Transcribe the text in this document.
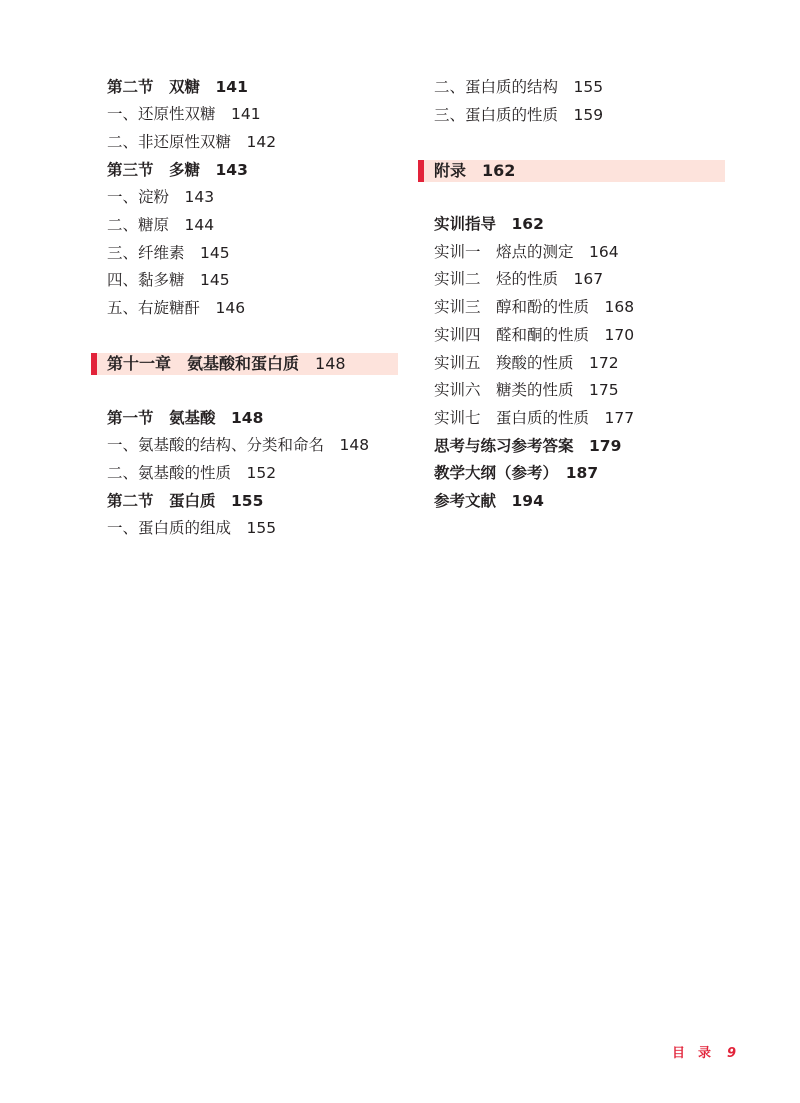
第二节　双糖　141
一、还原性双糖　141
二、非还原性双糖　142
第三节　多糖　143
一、淀粉　143
二、糖原　144
三、纤维素　145
四、黏多糖　145
五、右旋糖酐　146
第一节　氨基酸　148
一、氨基酸的结构、分类和命名　148
二、氨基酸的性质　152
第二节　蛋白质　155
一、蛋白质的组成　155
第十一章　氨基酸和蛋白质　 148
二、蛋白质的结构　155
三、蛋白质的性质　159
实训指导　162
实训一　熔点的测定　164
实训二　烃的性质　167
实训三　醇和酚的性质　168
实训四　醛和酮的性质　170
实训五　羧酸的性质　172
实训六　糖类的性质　175
实训七　蛋白质的性质　177
思考与练习参考答案　179
教学大纲（参考）　187
参考文献　194
附录　 162
目　录 9
